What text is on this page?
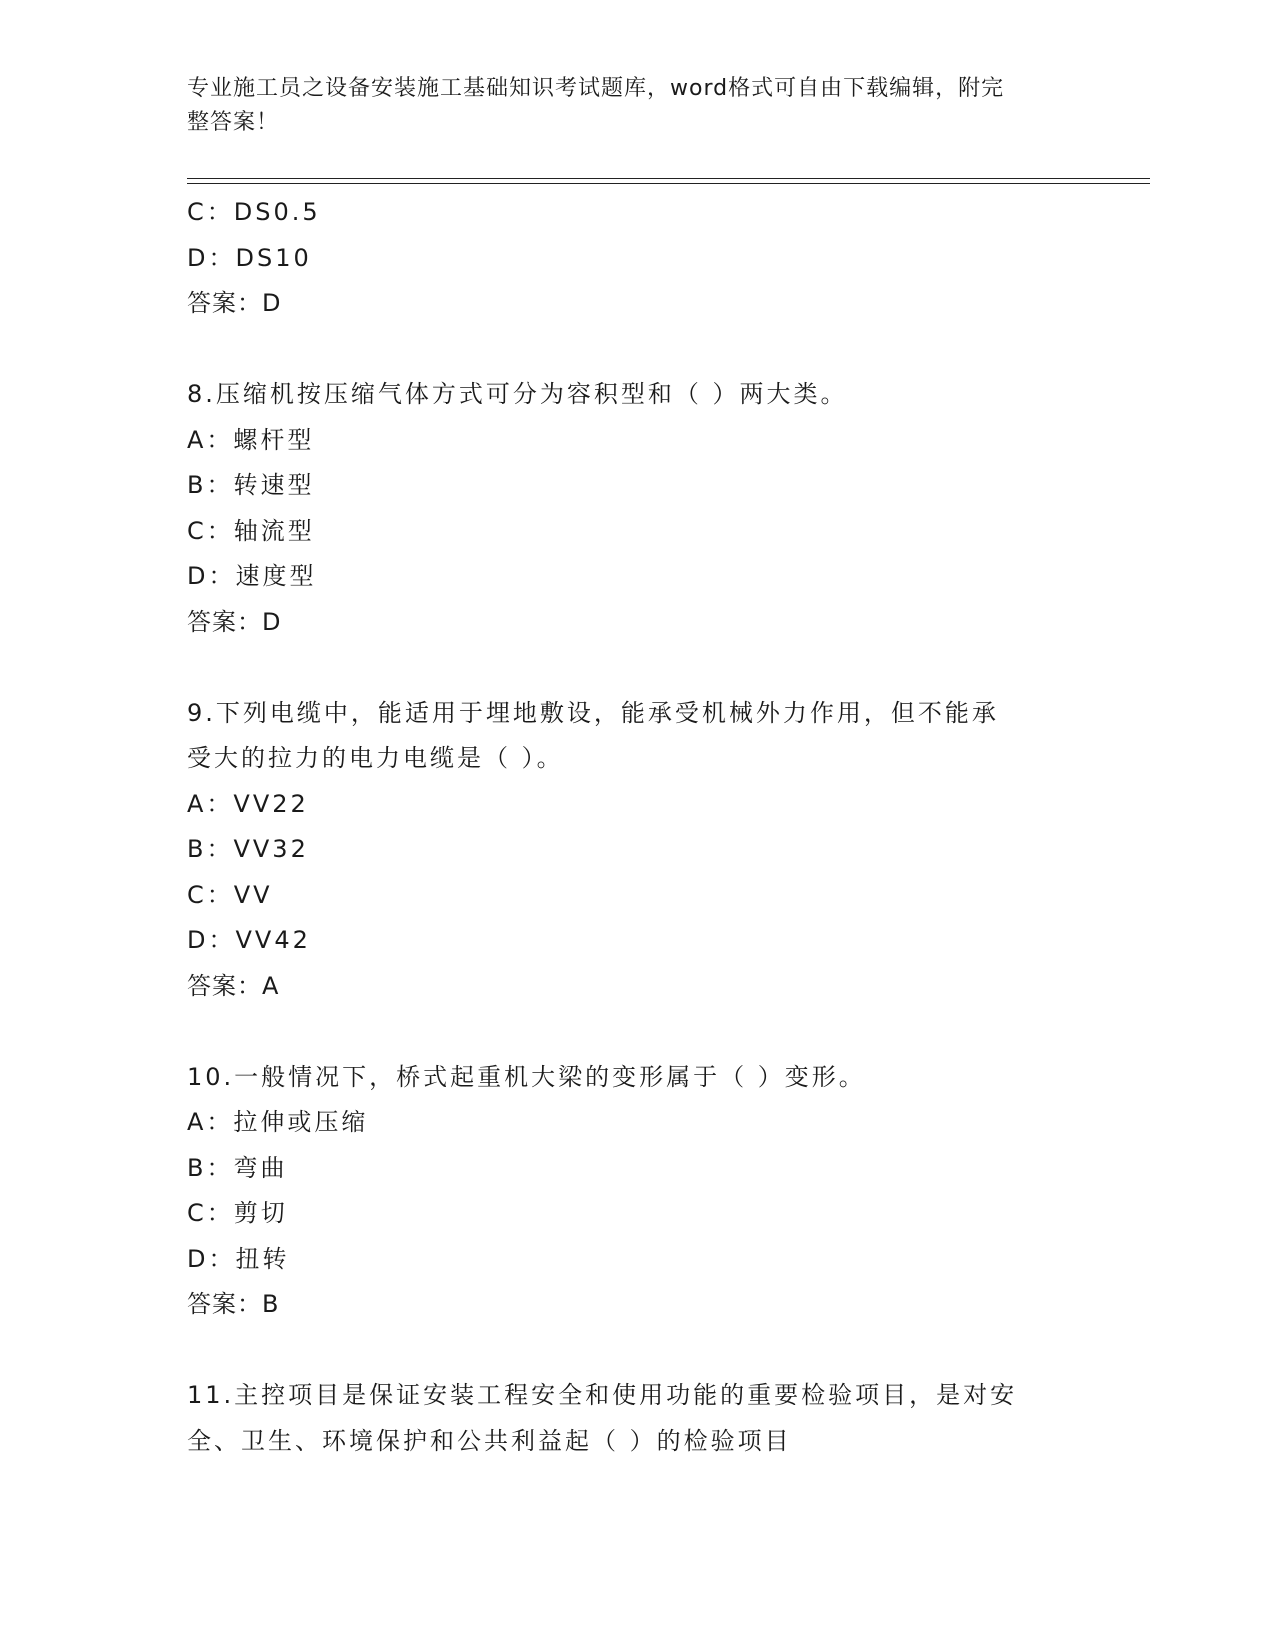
专业施工员之设备安装施工基础知识考试题库，word格式可自由下载编辑，附完
整答案！
C：DS0.5
D：DS10
答案：D
8.压缩机按压缩气体方式可分为容积型和（ ）两大类。
A：螺杆型
B：转速型
C：轴流型
D：速度型
答案：D
9.下列电缆中，能适用于埋地敷设，能承受机械外力作用，但不能承
受大的拉力的电力电缆是（ ）。
A：VV22
B：VV32
C：VV
D：VV42
答案：A
10.一般情况下，桥式起重机大梁的变形属于（ ）变形。
A：拉伸或压缩
B：弯曲
C：剪切
D：扭转
答案：B
11.主控项目是保证安装工程安全和使用功能的重要检验项目，是对安
全、卫生、环境保护和公共利益起（ ）的检验项目
